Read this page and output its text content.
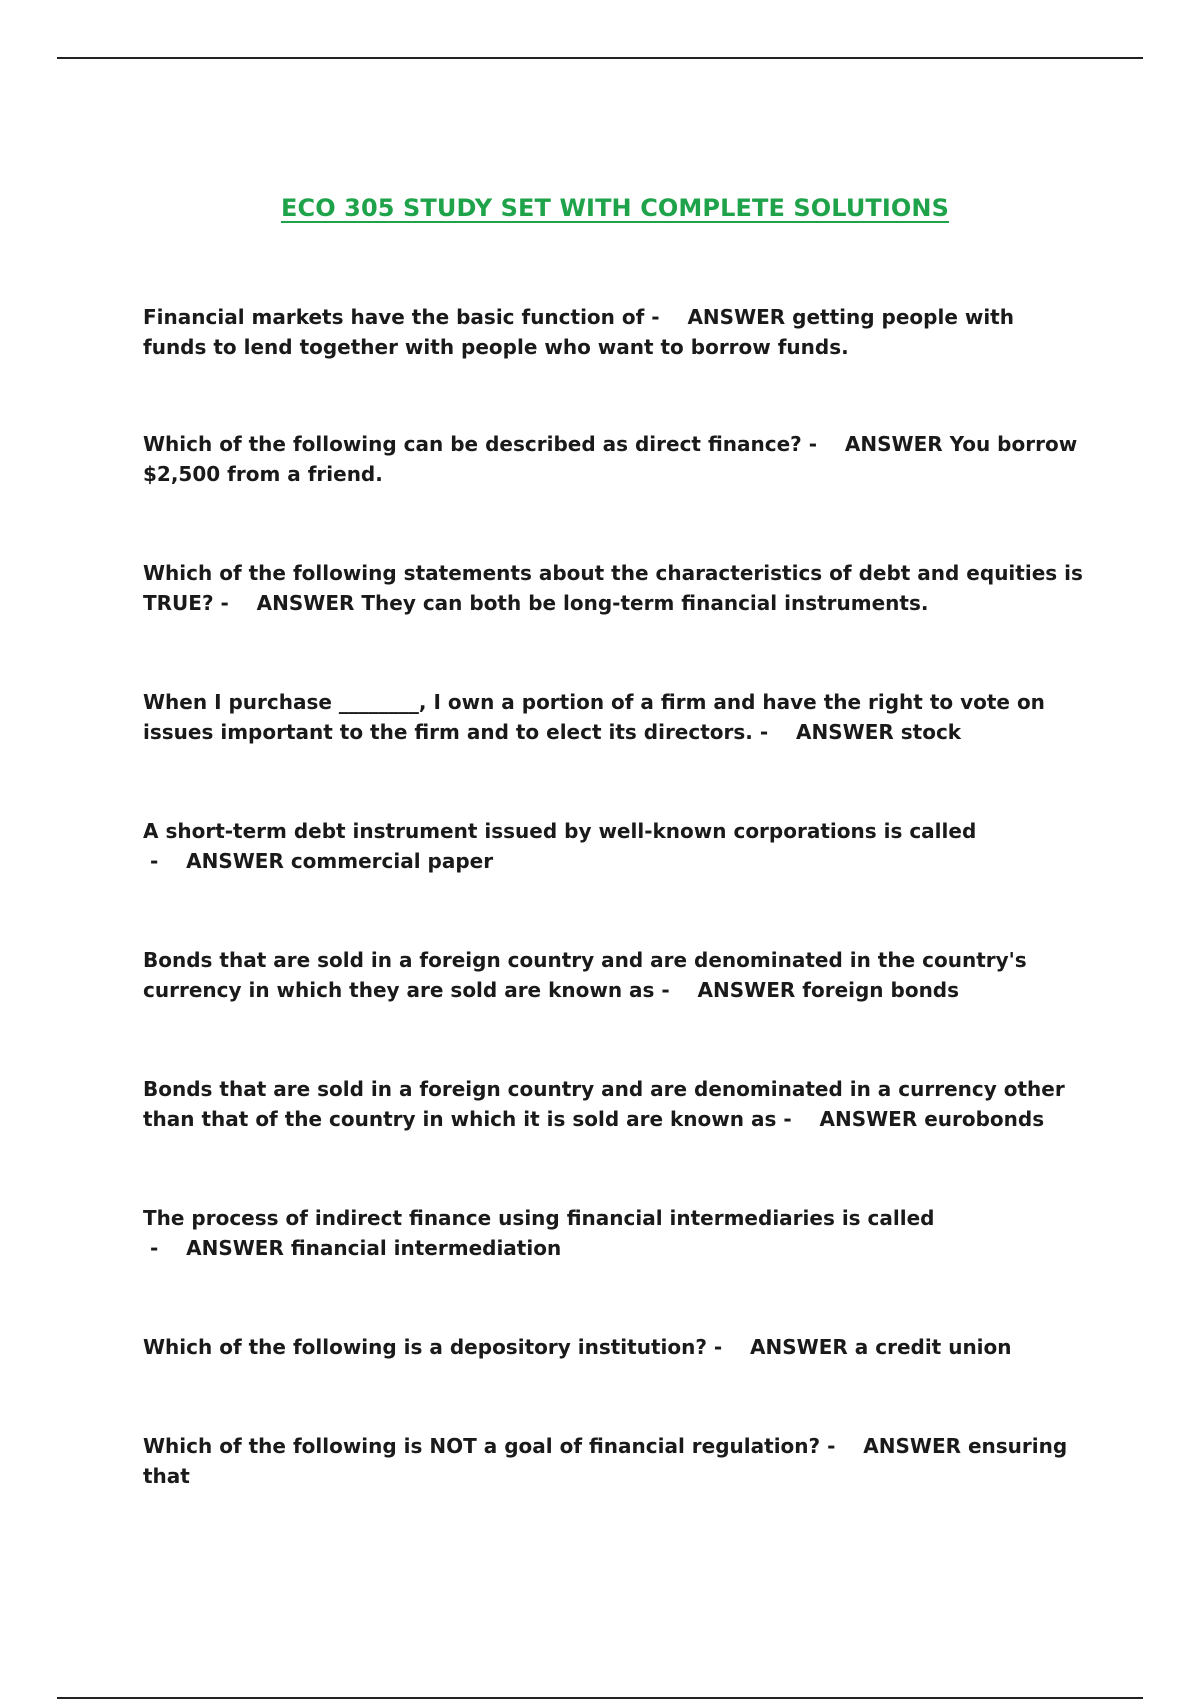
ECO 305 STUDY SET WITH COMPLETE SOLUTIONS

Financial markets have the basic function of -    ANSWER getting people with funds to lend together with people who want to borrow funds.

Which of the following can be described as direct finance? -    ANSWER You borrow $2,500 from a friend.

Which of the following statements about the characteristics of debt and equities is TRUE? -    ANSWER They can both be long-term financial instruments.

When I purchase ________, I own a portion of a firm and have the right to vote on issues important to the firm and to elect its directors. -    ANSWER stock

A short-term debt instrument issued by well-known corporations is called -    ANSWER commercial paper

Bonds that are sold in a foreign country and are denominated in the country's currency in which they are sold are known as -    ANSWER foreign bonds

Bonds that are sold in a foreign country and are denominated in a currency other than that of the country in which it is sold are known as -    ANSWER eurobonds

The process of indirect finance using financial intermediaries is called -    ANSWER financial intermediation

Which of the following is a depository institution? -    ANSWER a credit union

Which of the following is NOT a goal of financial regulation? -    ANSWER ensuring that
